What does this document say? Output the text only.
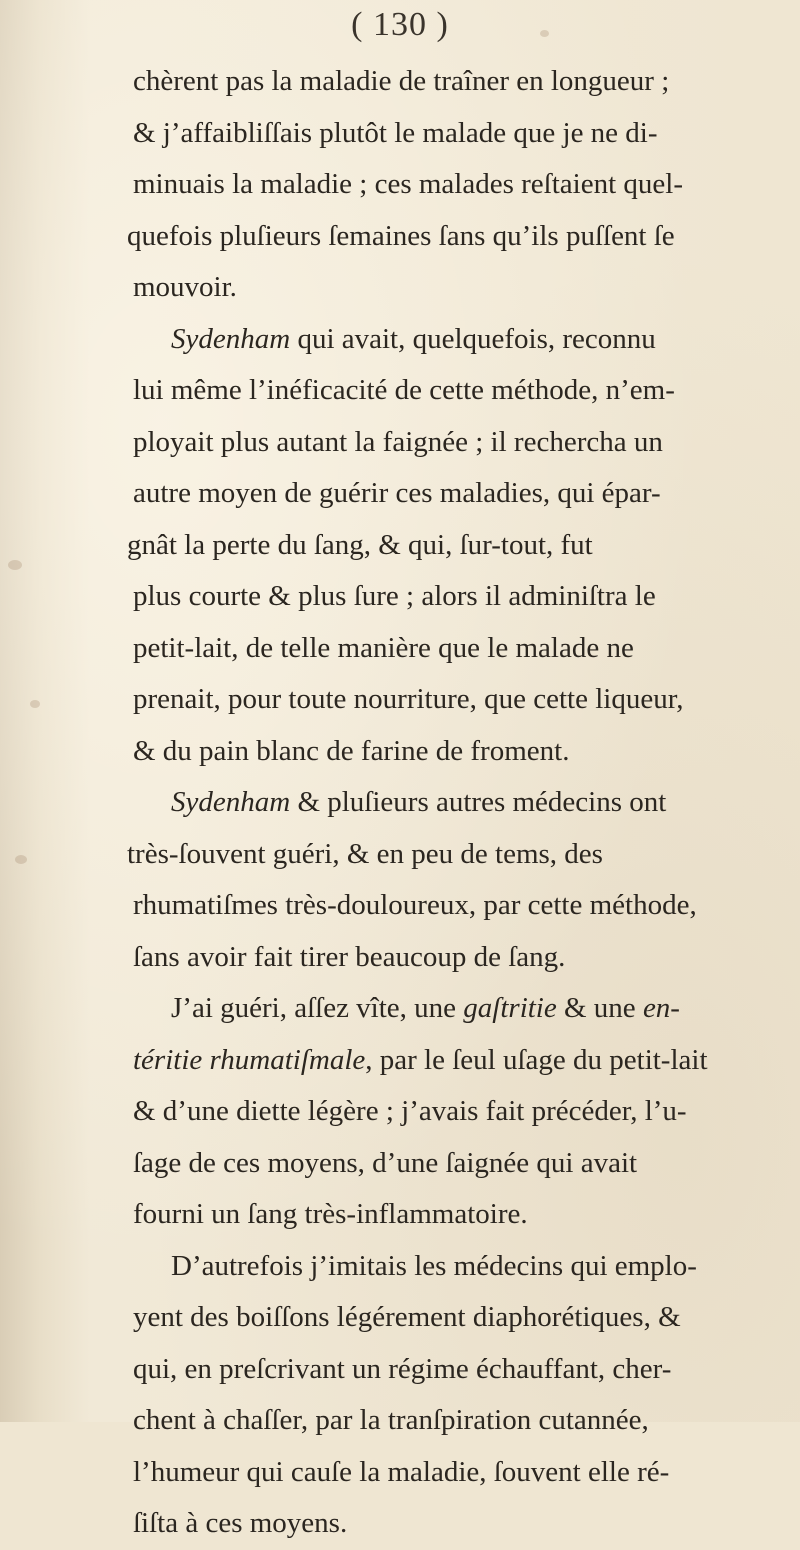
( 130 )
chèrent pas la maladie de traîner en longueur ;
& j’affaibliſſais plutôt le malade que je ne di-
minuais la maladie ; ces malades reſtaient quel-
quefois pluſieurs ſemaines ſans qu’ils puſſent ſe
mouvoir.
Sydenham qui avait, quelquefois, reconnu
lui même l’inéficacité de cette méthode, n’em-
ployait plus autant la faignée ; il rechercha un
autre moyen de guérir ces maladies, qui épar-
gnât la perte du ſang, & qui, ſur-tout, fut
plus courte & plus ſure ; alors il adminiſtra le
petit-lait, de telle manière que le malade ne
prenait, pour toute nourriture, que cette liqueur,
& du pain blanc de farine de froment.
Sydenham & pluſieurs autres médecins ont
très-ſouvent guéri, & en peu de tems, des
rhumatiſmes très-douloureux, par cette méthode,
ſans avoir fait tirer beaucoup de ſang.
J’ai guéri, aſſez vîte, une gaſtritie & une en-
téritie rhumatiſmale, par le ſeul uſage du petit-lait
& d’une diette légère ; j’avais fait précéder, l’u-
ſage de ces moyens, d’une ſaignée qui avait
fourni un ſang très-inflammatoire.
D’autrefois j’imitais les médecins qui emplo-
yent des boiſſons légérement diaphorétiques, &
qui, en preſcrivant un régime échauffant, cher-
chent à chaſſer, par la tranſpiration cutannée,
l’humeur qui cauſe la maladie, ſouvent elle ré-
ſiſta à ces moyens.
